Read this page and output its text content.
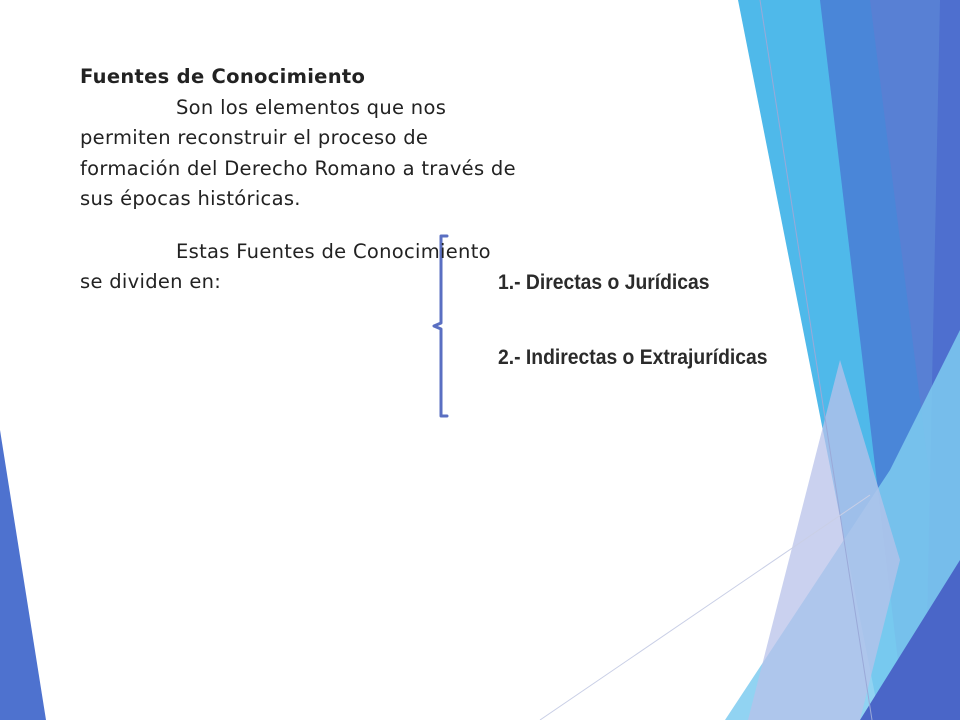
Fuentes de Conocimiento

Son los elementos que nos permiten reconstruir el proceso de formación del Derecho Romano a través de sus épocas históricas.

Estas Fuentes de Conocimiento se dividen en:	1.- Directas o Jurídicas
2.- Indirectas o Extrajurídicas
